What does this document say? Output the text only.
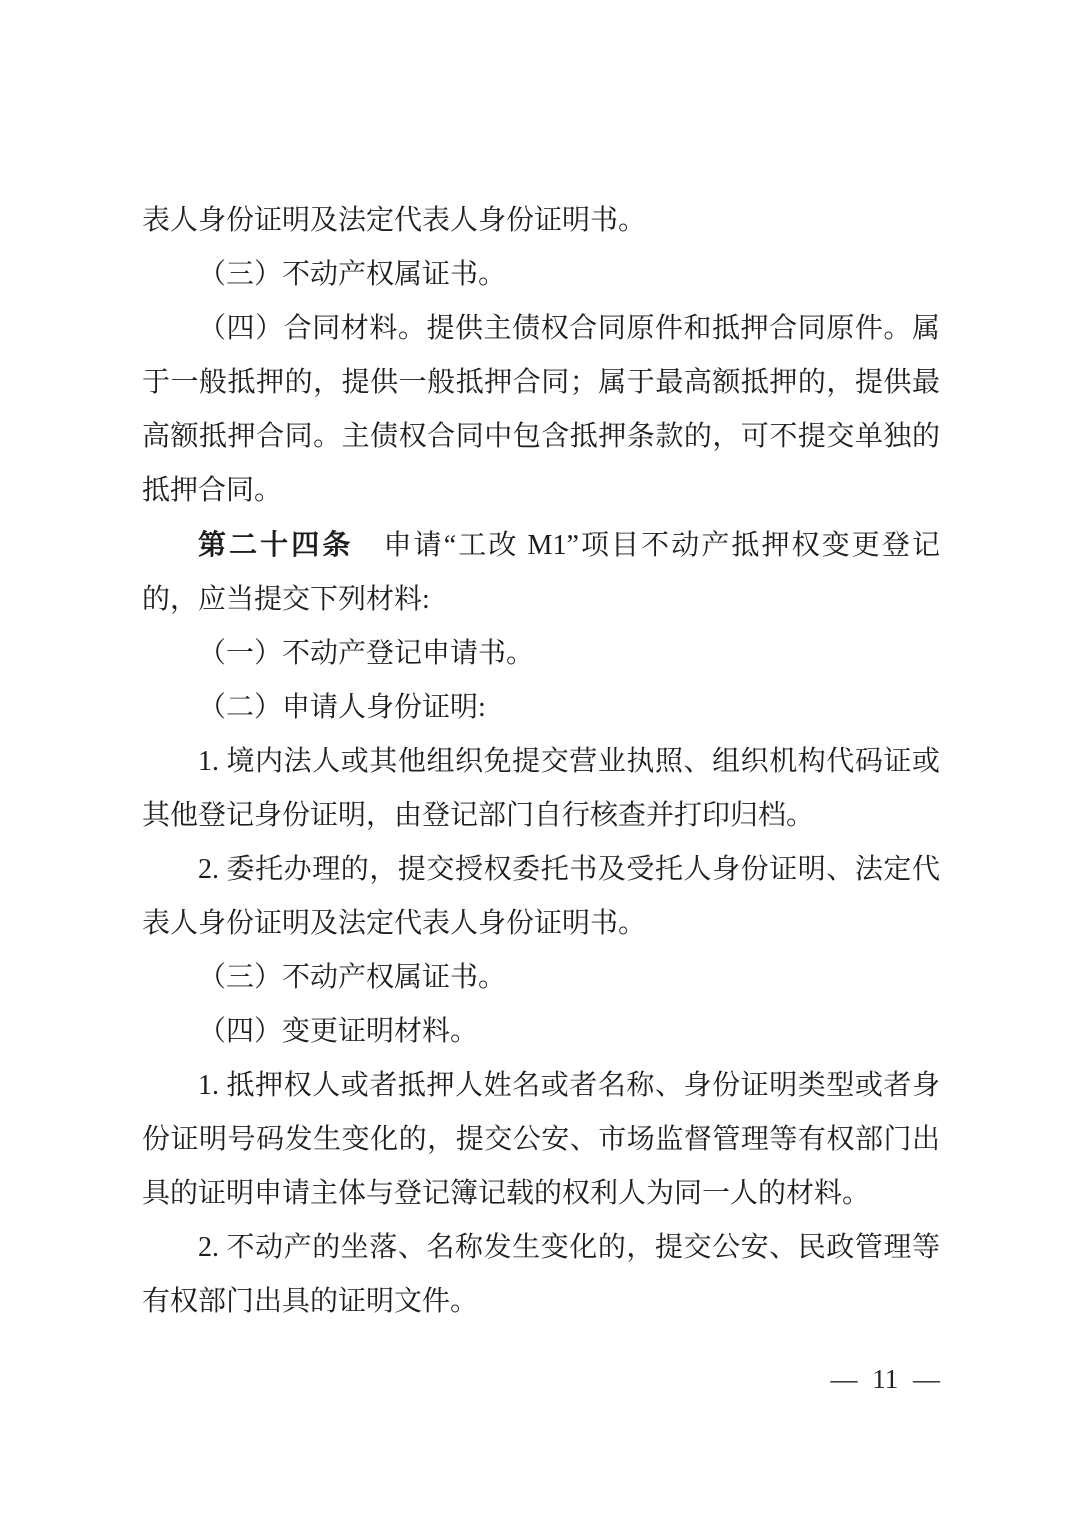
表人身份证明及法定代表人身份证明书。

（三）不动产权属证书。

（四）合同材料。提供主债权合同原件和抵押合同原件。属于一般抵押的，提供一般抵押合同；属于最高额抵押的，提供最高额抵押合同。主债权合同中包含抵押条款的，可不提交单独的抵押合同。

第二十四条　申请“工改 M1”项目不动产抵押权变更登记的，应当提交下列材料:

（一）不动产登记申请书。

（二）申请人身份证明:

1. 境内法人或其他组织免提交营业执照、组织机构代码证或其他登记身份证明，由登记部门自行核查并打印归档。

2. 委托办理的，提交授权委托书及受托人身份证明、法定代表人身份证明及法定代表人身份证明书。

（三）不动产权属证书。

（四）变更证明材料。

1. 抵押权人或者抵押人姓名或者名称、身份证明类型或者身份证明号码发生变化的，提交公安、市场监督管理等有权部门出具的证明申请主体与登记簿记载的权利人为同一人的材料。

2. 不动产的坐落、名称发生变化的，提交公安、民政管理等有权部门出具的证明文件。

— 11 —
